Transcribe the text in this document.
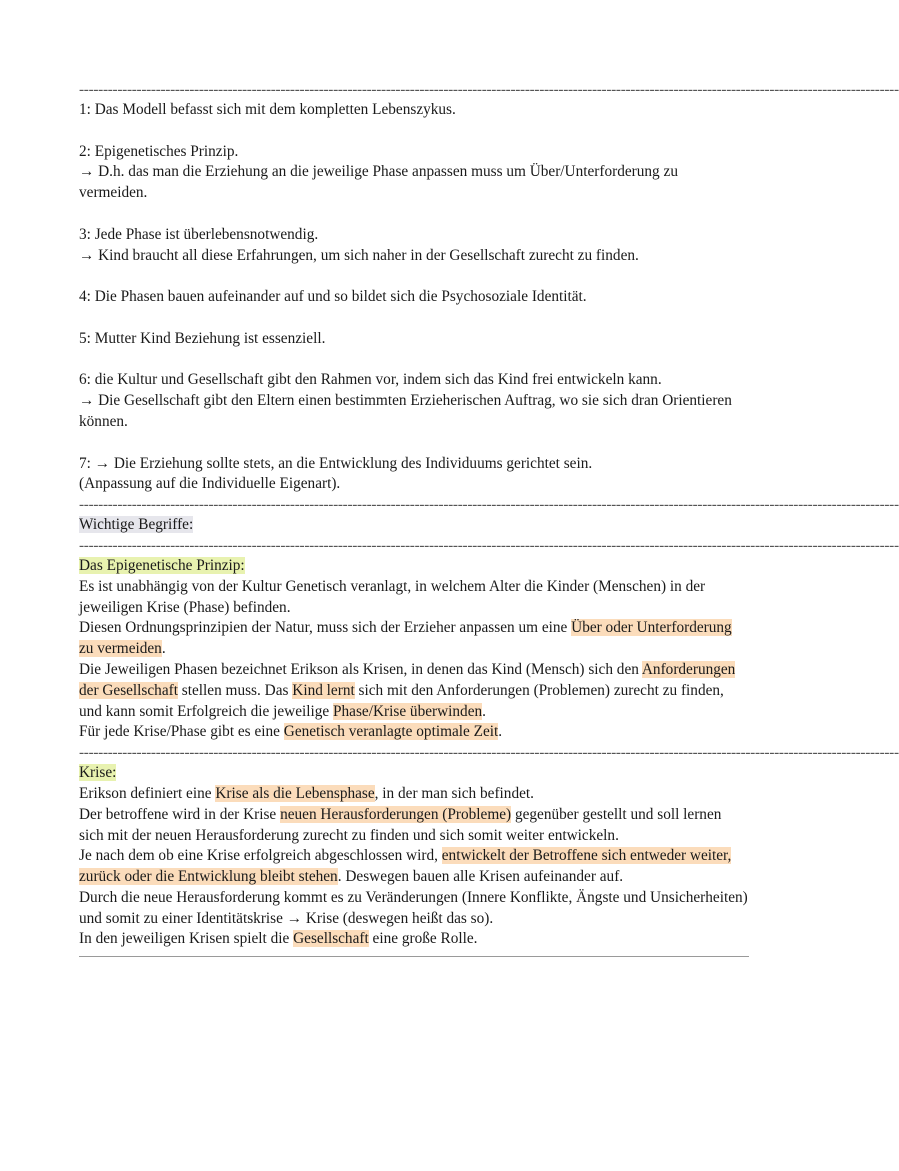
---------------------------------------------------------------------------------------------------------------------------------------------------------------------------

1: Das Modell befasst sich mit dem kompletten Lebenszykus.

2: Epigenetisches Prinzip.

→ D.h. das man die Erziehung an die jeweilige Phase anpassen muss um Über/Unterforderung zu vermeiden.

3: Jede Phase ist überlebensnotwendig.

→ Kind braucht all diese Erfahrungen, um sich naher in der Gesellschaft zurecht zu finden.

4: Die Phasen bauen aufeinander auf und so bildet sich die Psychosoziale Identität.

5: Mutter Kind Beziehung ist essenziell.

6: die Kultur und Gesellschaft gibt den Rahmen vor, indem sich das Kind frei entwickeln kann.

→ Die Gesellschaft gibt den Eltern einen bestimmten Erzieherischen Auftrag, wo sie sich dran Orientieren können.

7: → Die Erziehung sollte stets, an die Entwicklung des Individuums gerichtet sein.

(Anpassung auf die Individuelle Eigenart).

---------------------------------------------------------------------------------------------------------------------------------------------------------------------------

Wichtige Begriffe:

---------------------------------------------------------------------------------------------------------------------------------------------------------------------------

Das Epigenetische Prinzip:

Es ist unabhängig von der Kultur Genetisch veranlagt, in welchem Alter die Kinder (Menschen) in der jeweiligen Krise (Phase) befinden.

Diesen Ordnungsprinzipien der Natur, muss sich der Erzieher anpassen um eine Über oder Unterforderung zu vermeiden.

Die Jeweiligen Phasen bezeichnet Erikson als Krisen, in denen das Kind (Mensch) sich den Anforderungen der Gesellschaft stellen muss. Das Kind lernt sich mit den Anforderungen (Problemen) zurecht zu finden, und kann somit Erfolgreich die jeweilige Phase/Krise überwinden.

Für jede Krise/Phase gibt es eine Genetisch veranlagte optimale Zeit.

---------------------------------------------------------------------------------------------------------------------------------------------------------------------------

Krise:

Erikson definiert eine Krise als die Lebensphase, in der man sich befindet.

Der betroffene wird in der Krise neuen Herausforderungen (Probleme) gegenüber gestellt und soll lernen sich mit der neuen Herausforderung zurecht zu finden und sich somit weiter entwickeln.

Je nach dem ob eine Krise erfolgreich abgeschlossen wird, entwickelt der Betroffene sich entweder weiter, zurück oder die Entwicklung bleibt stehen. Deswegen bauen alle Krisen aufeinander auf.

Durch die neue Herausforderung kommt es zu Veränderungen (Innere Konflikte, Ängste und Unsicherheiten) und somit zu einer Identitätskrise → Krise (deswegen heißt das so).

In den jeweiligen Krisen spielt die Gesellschaft eine große Rolle.
